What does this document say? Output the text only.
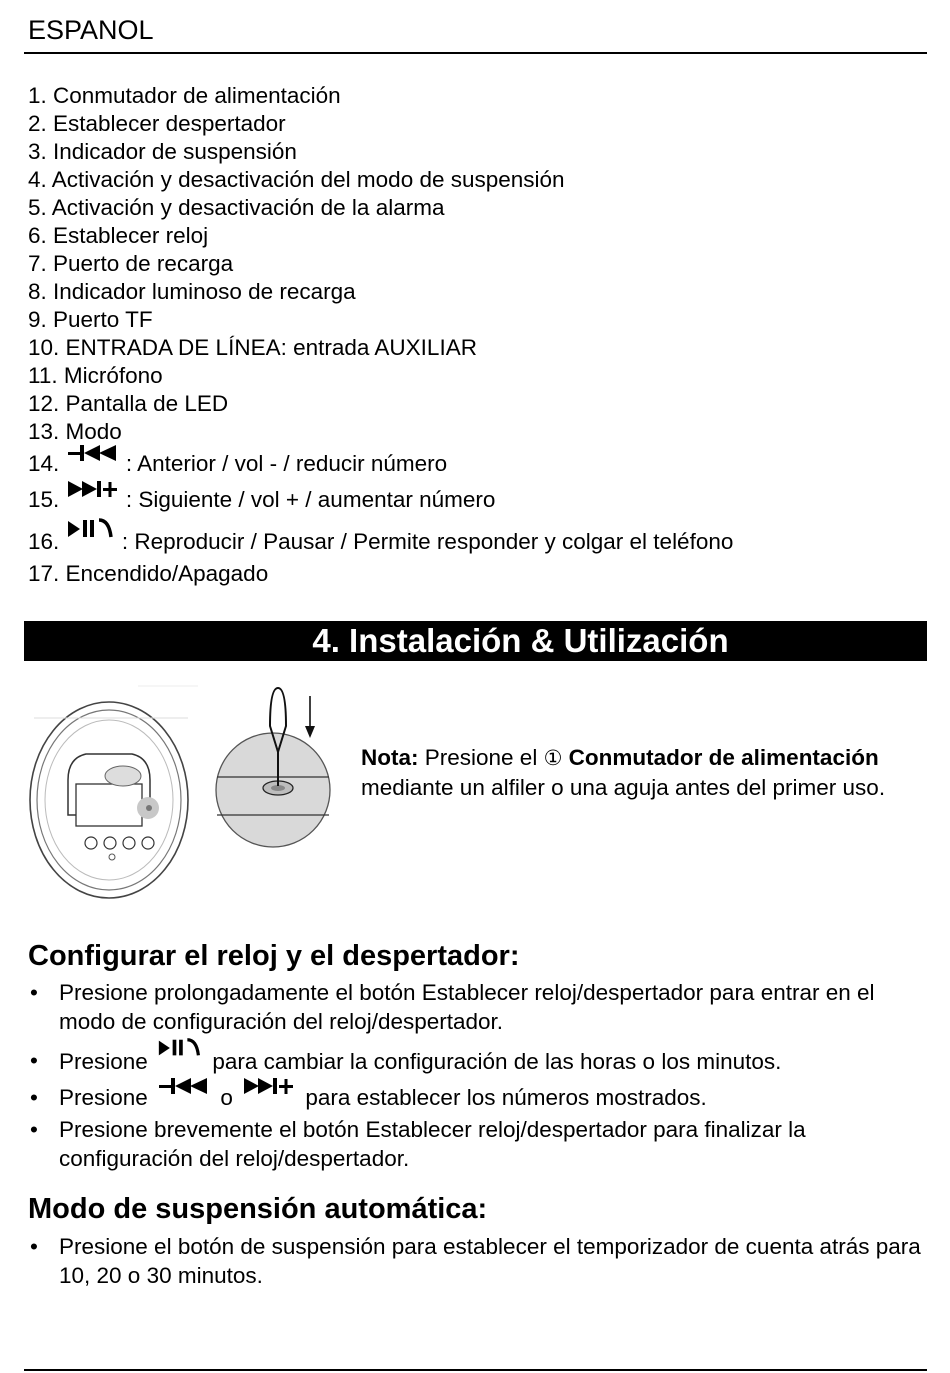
ESPANOL
1. Conmutador de alimentación
2. Establecer despertador
3. Indicador de suspensión
4. Activación y desactivación del modo de suspensión
5. Activación y desactivación de la alarma
6. Establecer reloj
7. Puerto de recarga
8. Indicador luminoso de recarga
9. Puerto TF
10. ENTRADA DE LÍNEA: entrada AUXILIAR
11. Micrófono
12. Pantalla de LED
13. Modo
14.	: Anterior / vol - / reducir número
15.	: Siguiente / vol + / aumentar número
16.	: Reproducir / Pausar / Permite responder y colgar el teléfono
17. Encendido/Apagado
4. Instalación & Utilización
Nota: Presione el ① Conmutador de alimentación mediante un alfiler o una aguja antes del primer uso.
Configurar el reloj y el despertador:
• Presione prolongadamente el botón Establecer reloj/despertador para entrar en el modo de configuración del reloj/despertador.
• Presione  para cambiar la configuración de las horas o los minutos.
• Presione	o	para establecer los números mostrados.
• Presione brevemente el botón Establecer reloj/despertador para finalizar la configuración del reloj/despertador.
Modo de suspensión automática:
• Presione el botón de suspensión para establecer el temporizador de cuenta atrás para 10, 20 o 30 minutos.
